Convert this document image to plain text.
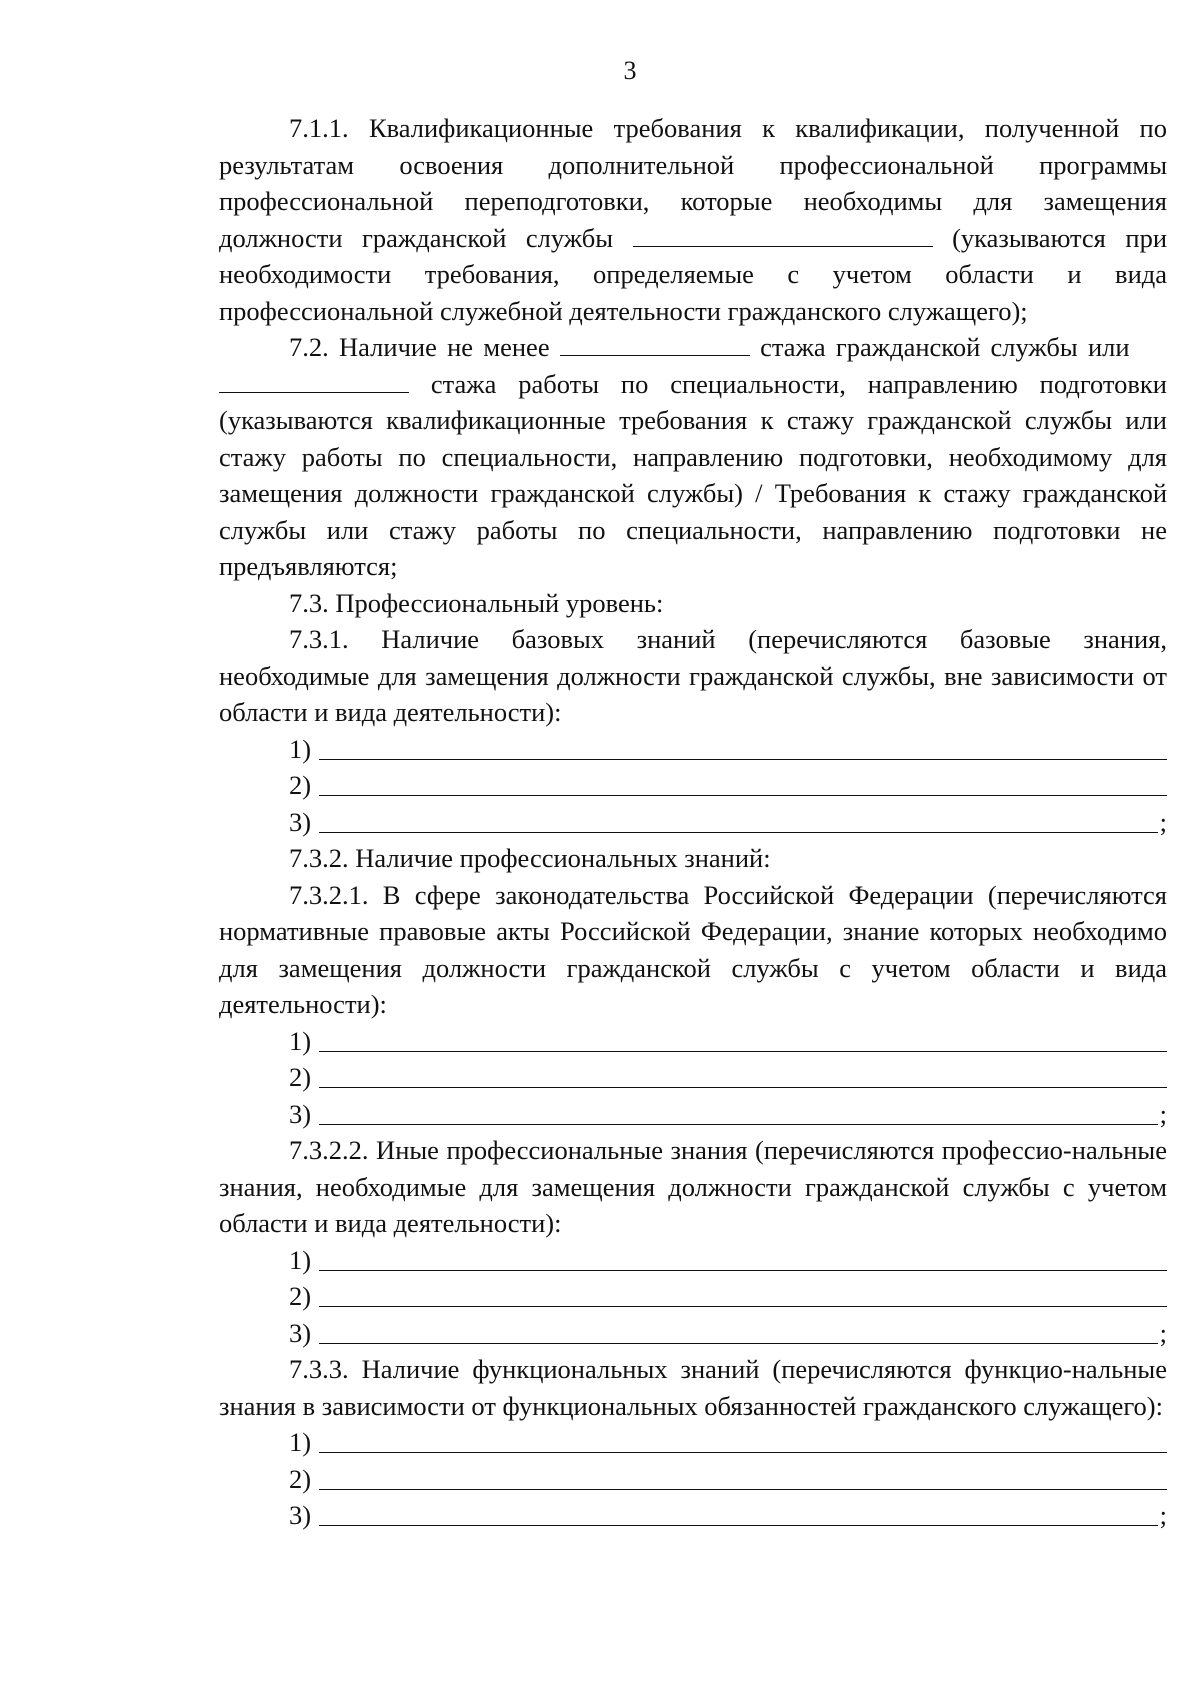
3

7.1.1. Квалификационные требования к квалификации, полученной по результатам освоения дополнительной профессиональной программы профессиональной переподготовки, которые необходимы для замещения должности гражданской службы	(указываются при необходимости требования, определяемые с учетом области и вида профессиональной служебной деятельности гражданского служащего);

7.2. Наличие не менее	стажа гражданской службы или     стажа работы по специальности, направлению подготовки (указываются квалификационные требования к стажу гражданской службы или стажу работы по специальности, направлению подготовки, необходимому для замещения должности гражданской службы) / Требования к стажу гражданской службы или стажу работы по специальности, направлению подготовки не предъявляются;

7.3. Профессиональный уровень:

7.3.1. Наличие базовых знаний (перечисляются базовые знания, необходимые для замещения должности гражданской службы, вне зависимости от области и вида деятельности):

1)
2)
3)	;

7.3.2. Наличие профессиональных знаний:

7.3.2.1. В сфере законодательства Российской Федерации (перечисляются нормативные правовые акты Российской Федерации, знание которых необходимо для замещения должности гражданской службы с учетом области и вида деятельности):

1)
2)
3)	;

7.3.2.2. Иные профессиональные знания (перечисляются профессио-нальные знания, необходимые для замещения должности гражданской службы с учетом области и вида деятельности):

1)
2)
3)	;

7.3.3. Наличие функциональных знаний (перечисляются функцио-нальные знания в зависимости от функциональных обязанностей гражданского служащего):

1)
2)
3)	;
